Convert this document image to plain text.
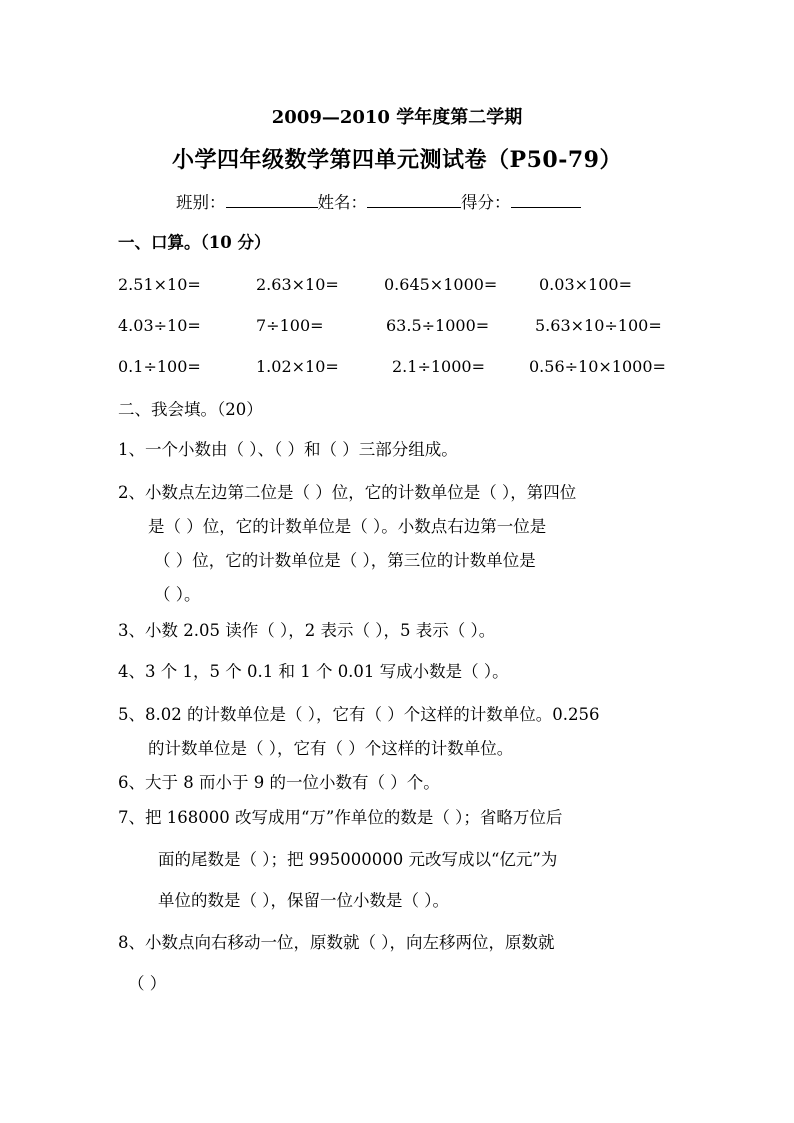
2009—2010 学年度第二学期
小学四年级数学第四单元测试卷（P50-79）
班别：	姓名：	得分：
一、口算。（10 分）
2.51×10=	2.63×10=	0.645×1000=	0.03×100=
4.03÷10=	7÷100=	63.5÷1000=	5.63×10÷100=
0.1÷100=	1.02×10=	2.1÷1000=	0.56÷10×1000=
二、我会填。（20）
1、一个小数由（ ）、（ ）和（ ）三部分组成。
2、小数点左边第二位是（ ）位，它的计数单位是（ ），第四位
是（ ）位，它的计数单位是（ ）。小数点右边第一位是
（ ）位，它的计数单位是（ ），第三位的计数单位是
（ ）。
3、小数 2.05 读作（ ），2 表示（ ），5 表示（ ）。
4、3 个 1，5 个 0.1 和 1 个 0.01 写成小数是（ ）。
5、8.02 的计数单位是（ ），它有（ ）个这样的计数单位。0.256
的计数单位是（ ），它有（ ）个这样的计数单位。
6、大于 8 而小于 9 的一位小数有（ ）个。
7、把 168000 改写成用“万”作单位的数是（ ）；省略万位后
面的尾数是（ ）；把 995000000 元改写成以“亿元”为
单位的数是（ ），保留一位小数是（ ）。
8、小数点向右移动一位，原数就（ ），向左移两位，原数就
（ ）
